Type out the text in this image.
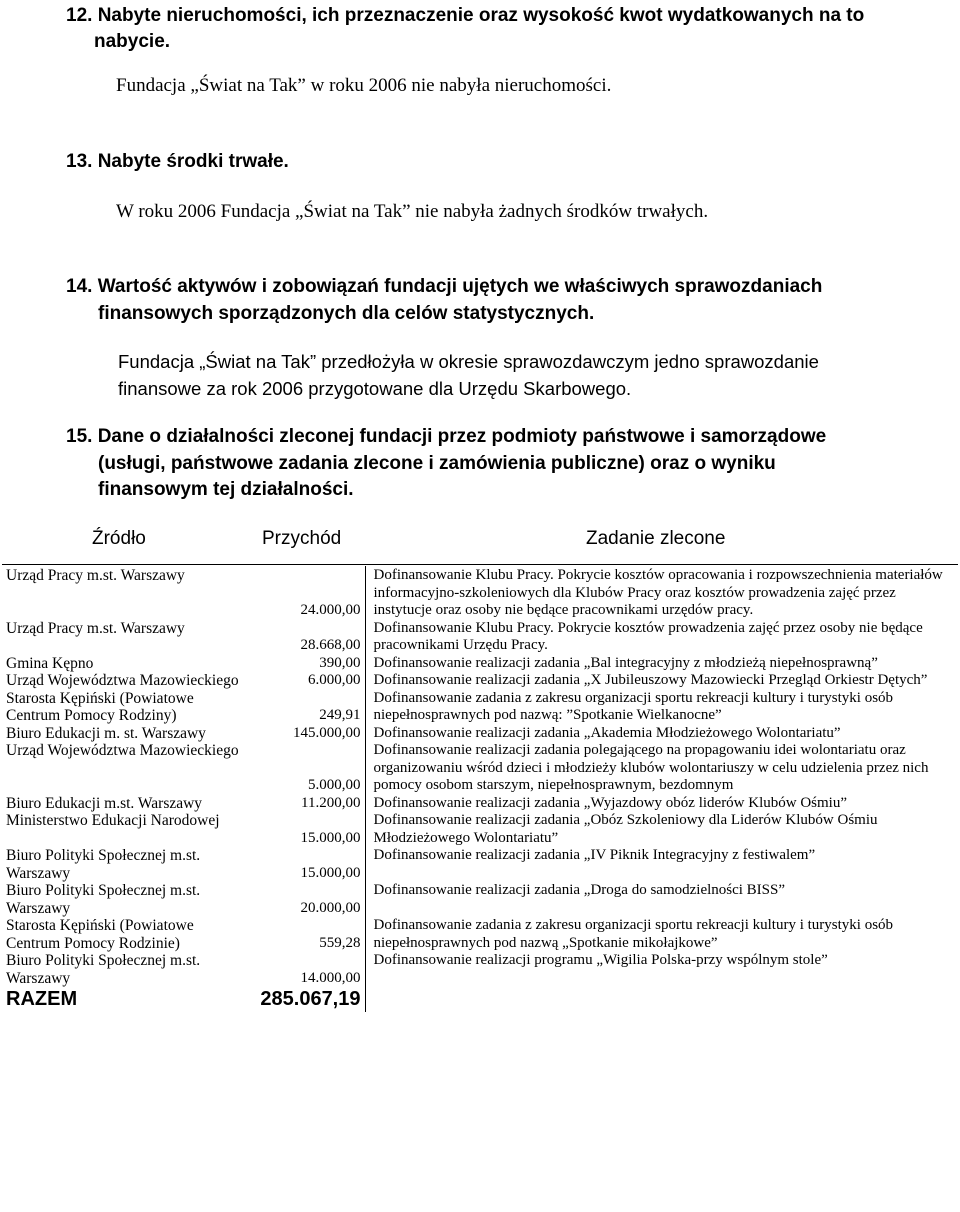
12. Nabyte nieruchomości, ich przeznaczenie oraz wysokość kwot wydatkowanych na to
nabycie.
Fundacja „Świat na Tak” w roku 2006 nie nabyła nieruchomości.
13. Nabyte środki trwałe.
W roku 2006 Fundacja „Świat na Tak” nie nabyła żadnych środków trwałych.
14. Wartość aktywów i zobowiązań fundacji ujętych we właściwych sprawozdaniach
finansowych sporządzonych dla celów statystycznych.
Fundacja „Świat na Tak” przedłożyła w okresie sprawozdawczym jedno sprawozdanie
finansowe za rok 2006 przygotowane dla Urzędu Skarbowego.
15. Dane o działalności zleconej fundacji przez podmioty państwowe i samorządowe
(usługi, państwowe zadania zlecone i zamówienia publiczne) oraz o wyniku
finansowym tej działalności.
Źródło	Przychód	Zadanie zlecone
Urząd Pracy m.st. Warszawy	24.000,00	Dofinansowanie Klubu Pracy. Pokrycie kosztów opracowania i rozpowszechnienia materiałów informacyjno-szkoleniowych dla Klubów Pracy oraz kosztów prowadzenia zajęć przez instytucje oraz osoby nie będące pracownikami urzędów pracy.
Urząd Pracy m.st. Warszawy	28.668,00	Dofinansowanie Klubu Pracy. Pokrycie kosztów prowadzenia zajęć przez osoby nie będące pracownikami Urzędu Pracy.
Gmina Kępno	390,00	Dofinansowanie realizacji zadania „Bal integracyjny z młodzieżą niepełnosprawną”
Urząd Województwa Mazowieckiego	6.000,00	Dofinansowanie realizacji zadania „X Jubileuszowy Mazowiecki Przegląd Orkiestr Dętych”
Starosta Kępiński (Powiatowe Centrum Pomocy Rodziny)	249,91	Dofinansowanie zadania z zakresu organizacji sportu rekreacji kultury i turystyki osób niepełnosprawnych pod nazwą: ”Spotkanie Wielkanocne”
Biuro Edukacji m. st. Warszawy	145.000,00	Dofinansowanie realizacji zadania „Akademia Młodzieżowego Wolontariatu”
Urząd Województwa Mazowieckiego	5.000,00	Dofinansowanie realizacji zadania polegającego na propagowaniu idei wolontariatu oraz organizowaniu wśród dzieci i młodzieży klubów wolontariuszy w celu udzielenia przez nich pomocy osobom starszym, niepełnosprawnym, bezdomnym
Biuro Edukacji m.st. Warszawy	11.200,00	Dofinansowanie realizacji zadania „Wyjazdowy obóz liderów Klubów Ośmiu”
Ministerstwo Edukacji Narodowej	15.000,00	Dofinansowanie realizacji zadania „Obóz Szkoleniowy dla Liderów Klubów Ośmiu Młodzieżowego Wolontariatu”
Biuro Polityki Społecznej m.st. Warszawy	15.000,00	Dofinansowanie realizacji zadania „IV Piknik Integracyjny z festiwalem”
Biuro Polityki Społecznej m.st. Warszawy	20.000,00	Dofinansowanie realizacji zadania „Droga do samodzielności BISS”
Starosta Kępiński (Powiatowe Centrum Pomocy Rodzinie)	559,28	Dofinansowanie zadania z zakresu organizacji sportu rekreacji kultury i turystyki osób niepełnosprawnych pod nazwą „Spotkanie mikołajkowe”
Biuro Polityki Społecznej m.st. Warszawy	14.000,00	Dofinansowanie realizacji programu „Wigilia Polska-przy wspólnym stole”
RAZEM	285.067,19	
